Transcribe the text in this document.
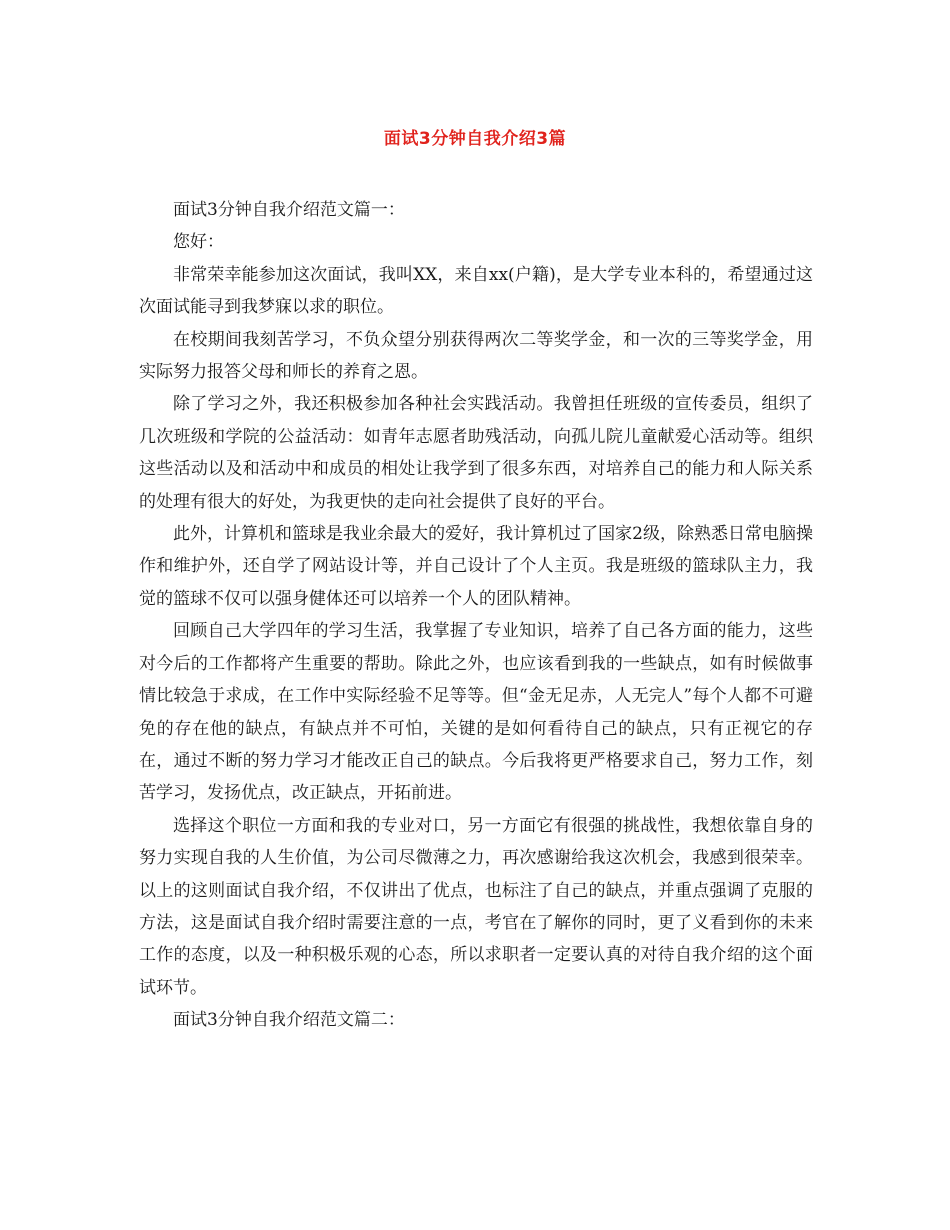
面试3分钟自我介绍3篇

面试3分钟自我介绍范文篇一：

您好：

非常荣幸能参加这次面试，我叫XX，来自xx(户籍)，是大学专业本科的，希望通过这次面试能寻到我梦寐以求的职位。

在校期间我刻苦学习，不负众望分别获得两次二等奖学金，和一次的三等奖学金，用实际努力报答父母和师长的养育之恩。

除了学习之外，我还积极参加各种社会实践活动。我曾担任班级的宣传委员，组织了几次班级和学院的公益活动：如青年志愿者助残活动，向孤儿院儿童献爱心活动等。组织这些活动以及和活动中和成员的相处让我学到了很多东西，对培养自己的能力和人际关系的处理有很大的好处，为我更快的走向社会提供了良好的平台。

此外，计算机和篮球是我业余最大的爱好，我计算机过了国家2级，除熟悉日常电脑操作和维护外，还自学了网站设计等，并自己设计了个人主页。我是班级的篮球队主力，我觉的篮球不仅可以强身健体还可以培养一个人的团队精神。

回顾自己大学四年的学习生活，我掌握了专业知识，培养了自己各方面的能力，这些对今后的工作都将产生重要的帮助。除此之外，也应该看到我的一些缺点，如有时候做事情比较急于求成，在工作中实际经验不足等等。但“金无足赤，人无完人”每个人都不可避免的存在他的缺点，有缺点并不可怕，关键的是如何看待自己的缺点，只有正视它的存在，通过不断的努力学习才能改正自己的缺点。今后我将更严格要求自己，努力工作，刻苦学习，发扬优点，改正缺点，开拓前进。

选择这个职位一方面和我的专业对口，另一方面它有很强的挑战性，我想依靠自身的努力实现自我的人生价值，为公司尽微薄之力，再次感谢给我这次机会，我感到很荣幸。以上的这则面试自我介绍，不仅讲出了优点，也标注了自己的缺点，并重点强调了克服的方法，这是面试自我介绍时需要注意的一点，考官在了解你的同时，更了义看到你的未来工作的态度，以及一种积极乐观的心态，所以求职者一定要认真的对待自我介绍的这个面试环节。

面试3分钟自我介绍范文篇二：
